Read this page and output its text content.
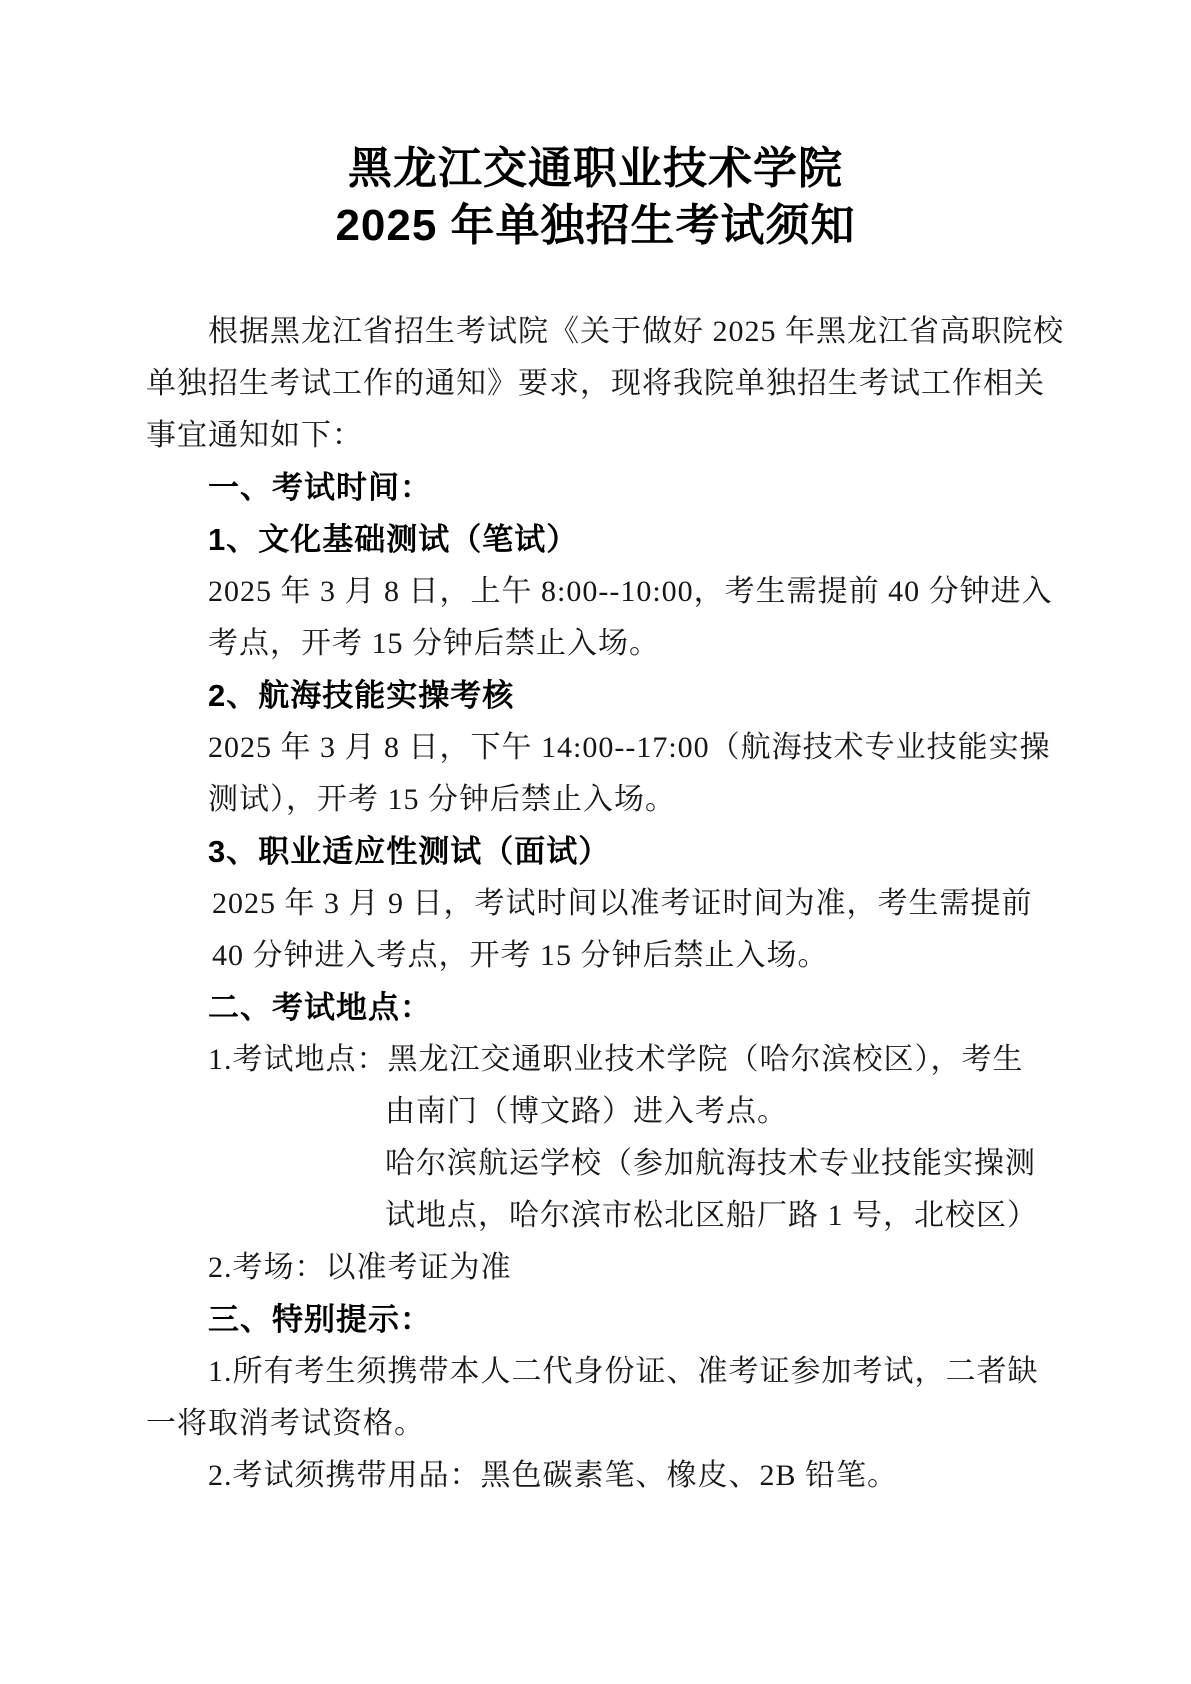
黑龙江交通职业技术学院
2025 年单独招生考试须知
根据黑龙江省招生考试院《关于做好 2025 年黑龙江省高职院校
单独招生考试工作的通知》要求，现将我院单独招生考试工作相关
事宜通知如下：
一、考试时间：
1、文化基础测试（笔试）
2025 年 3 月 8 日，上午 8:00--10:00，考生需提前 40 分钟进入
考点，开考 15 分钟后禁止入场。
2、航海技能实操考核
2025 年 3 月 8 日，下午 14:00--17:00（航海技术专业技能实操
测试），开考 15 分钟后禁止入场。
3、职业适应性测试（面试）
2025 年 3 月 9 日，考试时间以准考证时间为准，考生需提前
40 分钟进入考点，开考 15 分钟后禁止入场。
二、考试地点：
1.考试地点：黑龙江交通职业技术学院（哈尔滨校区），考生
由南门（博文路）进入考点。
哈尔滨航运学校（参加航海技术专业技能实操测
试地点，哈尔滨市松北区船厂路 1 号，北校区）
2.考场：以准考证为准
三、特别提示：
1.所有考生须携带本人二代身份证、准考证参加考试，二者缺
一将取消考试资格。
2.考试须携带用品：黑色碳素笔、橡皮、2B 铅笔。
